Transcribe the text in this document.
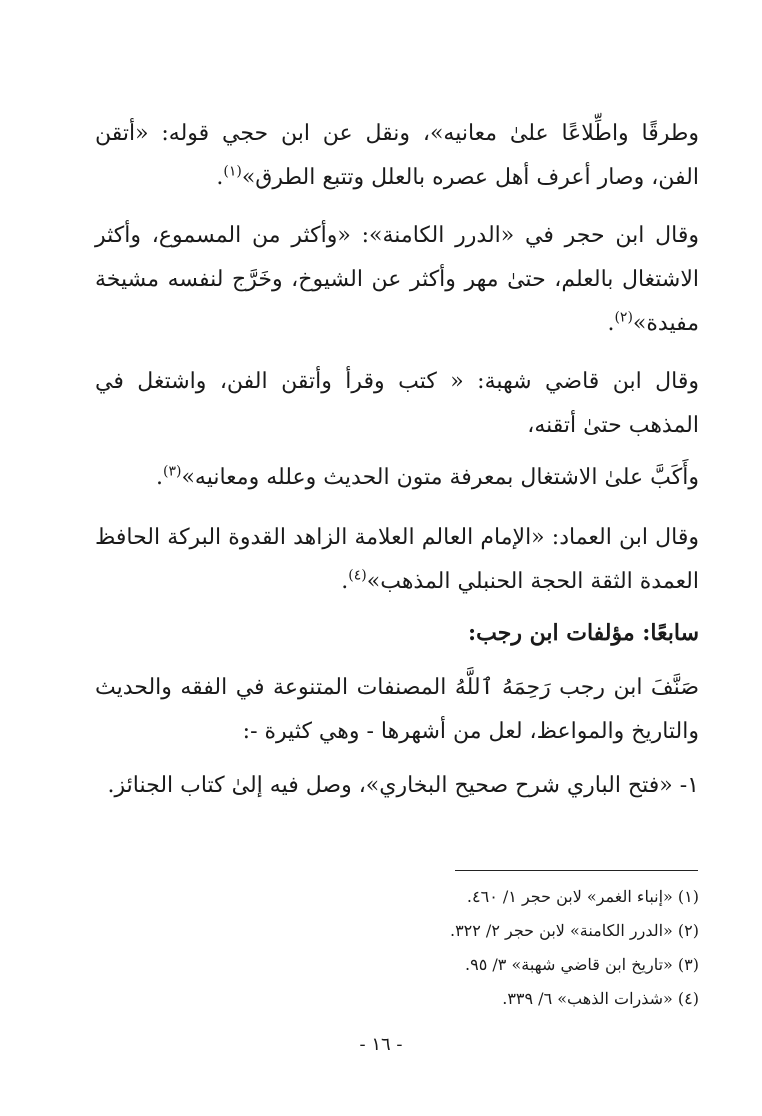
وطرقًا واطِّلاعًا علىٰ معانيه»، ونقل عن ابن حجي قوله: «أتقن الفن، وصار أعرف أهل عصره بالعلل وتتبع الطرق»$^{(١)}$.

وقال ابن حجر في «الدرر الكامنة»: «وأكثر من المسموع، وأكثر الاشتغال بالعلم، حتىٰ مهر وأكثر عن الشيوخ، وخَرَّج لنفسه مشيخة مفيدة»$^{(٢)}$.

وقال ابن قاضي شهبة: « كتب وقرأ وأتقن الفن، واشتغل في المذهب حتىٰ أتقنه،

وأَكَبَّ علىٰ الاشتغال بمعرفة متون الحديث وعلله ومعانيه»$^{(٣)}$.

وقال ابن العماد: «الإمام العالم العلامة الزاهد القدوة البركة الحافظ العمدة الثقة الحجة الحنبلي المذهب»$^{(٤)}$.

سابعًا: مؤلفات ابن رجب:

صَنَّفَ ابن رجب رَحِمَهُ ٱللَّهُ المصنفات المتنوعة في الفقه والحديث والتاريخ والمواعظ، لعل من أشهرها - وهي كثيرة -:

١- «فتح الباري شرح صحيح البخاري»، وصل فيه إلىٰ كتاب الجنائز.

(١) «إنباء الغمر» لابن حجر ١/ ٤٦٠.
(٢) «الدرر الكامنة» لابن حجر ٢/ ٣٢٢.
(٣) «تاريخ ابن قاضي شهبة» ٣/ ٩٥.
(٤) «شذرات الذهب» ٦/ ٣٣٩.
- ١٦ -
